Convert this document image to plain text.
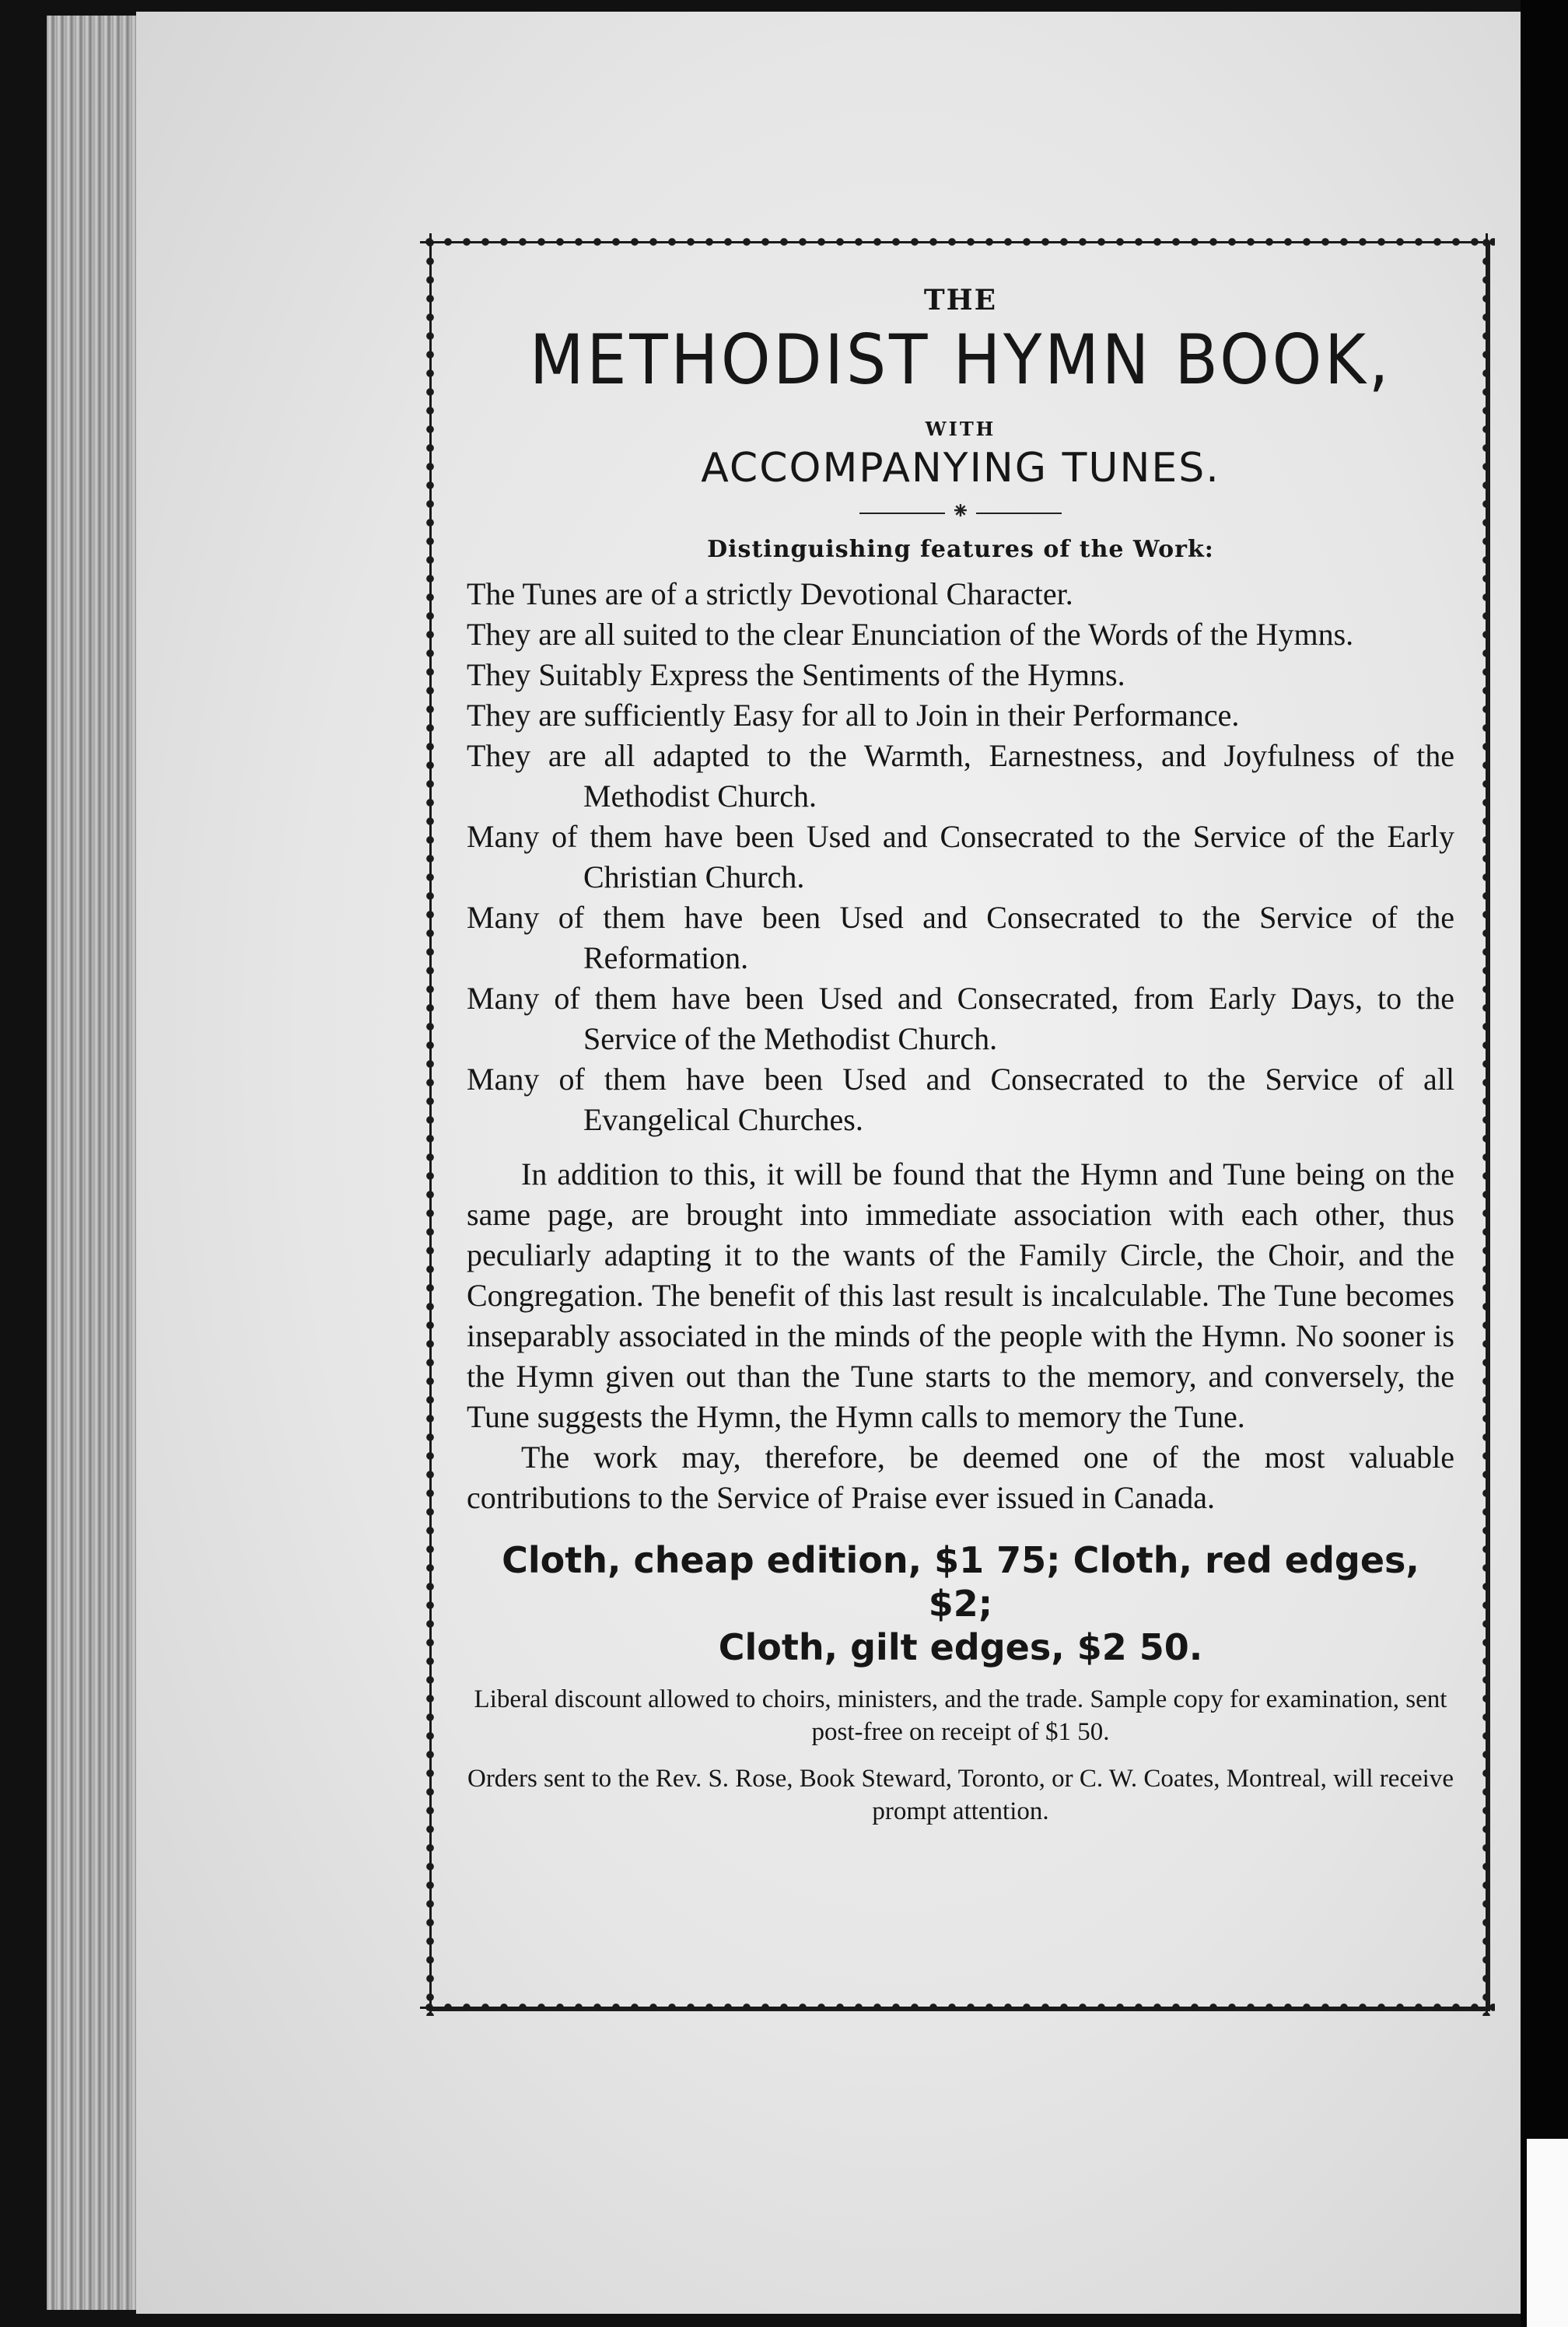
THE
METHODIST HYMN BOOK,
WITH
ACCOMPANYING TUNES.
⁕
Distinguishing features of the Work:
The Tunes are of a strictly Devotional Character.
They are all suited to the clear Enunciation of the Words of the Hymns.
They Suitably Express the Sentiments of the Hymns.
They are sufficiently Easy for all to Join in their Performance.
They are all adapted to the Warmth, Earnestness, and Joyfulness of the Methodist Church.
Many of them have been Used and Consecrated to the Service of the Early Christian Church.
Many of them have been Used and Consecrated to the Service of the Reformation.
Many of them have been Used and Consecrated, from Early Days, to the Service of the Methodist Church.
Many of them have been Used and Consecrated to the Service of all Evangelical Churches.

In addition to this, it will be found that the Hymn and Tune being on the same page, are brought into immediate association with each other, thus peculiarly adapting it to the wants of the Family Circle, the Choir, and the Congregation. The benefit of this last result is incalculable. The Tune becomes inseparably associated in the minds of the people with the Hymn. No sooner is the Hymn given out than the Tune starts to the memory, and conversely, the Tune suggests the Hymn, the Hymn calls to memory the Tune.

The work may, therefore, be deemed one of the most valuable contributions to the Service of Praise ever issued in Canada.

Cloth, cheap edition, $1 75; Cloth, red edges, $2;
Cloth, gilt edges, $2 50.
Liberal discount allowed to choirs, ministers, and the trade. Sample copy for examination, sent post-free on receipt of $1 50.
Orders sent to the Rev. S. Rose, Book Steward, Toronto, or C. W. Coates, Montreal, will receive prompt attention.
